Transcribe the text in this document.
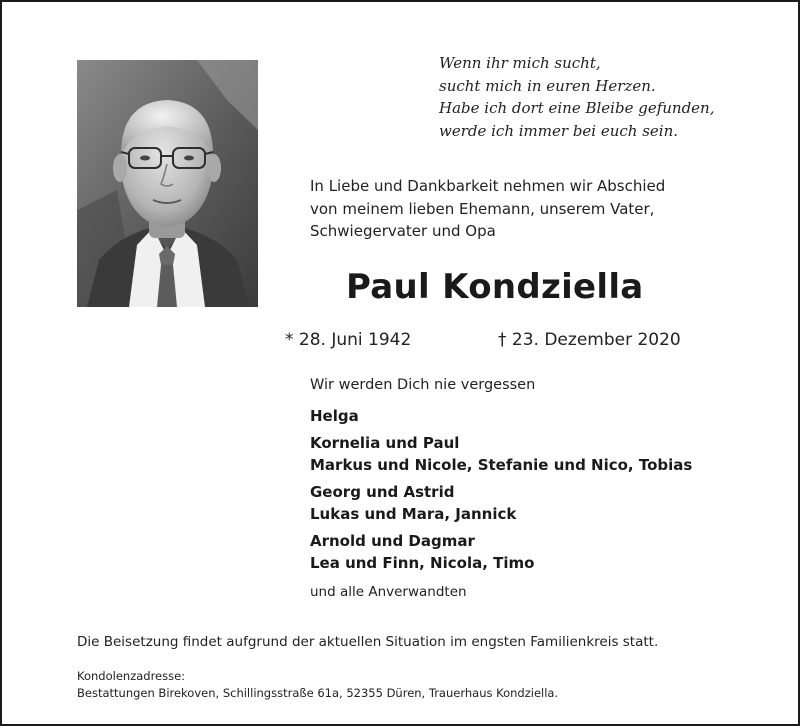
Wenn ihr mich sucht,
sucht mich in euren Herzen.
Habe ich dort eine Bleibe gefunden,
werde ich immer bei euch sein.
In Liebe und Dankbarkeit nehmen wir Abschied
von meinem lieben Ehemann, unserem Vater,
Schwiegervater und Opa
Paul Kondziella
* 28. Juni 1942	† 23. Dezember 2020
Wir werden Dich nie vergessen
Helga
Kornelia und Paul
Markus und Nicole, Stefanie und Nico, Tobias
Georg und Astrid
Lukas und Mara, Jannick
Arnold und Dagmar
Lea und Finn, Nicola, Timo
und alle Anverwandten
Die Beisetzung findet aufgrund der aktuellen Situation im engsten Familienkreis statt.
Kondolenzadresse:
Bestattungen Birekoven, Schillingsstraße 61a, 52355 Düren, Trauerhaus Kondziella.
